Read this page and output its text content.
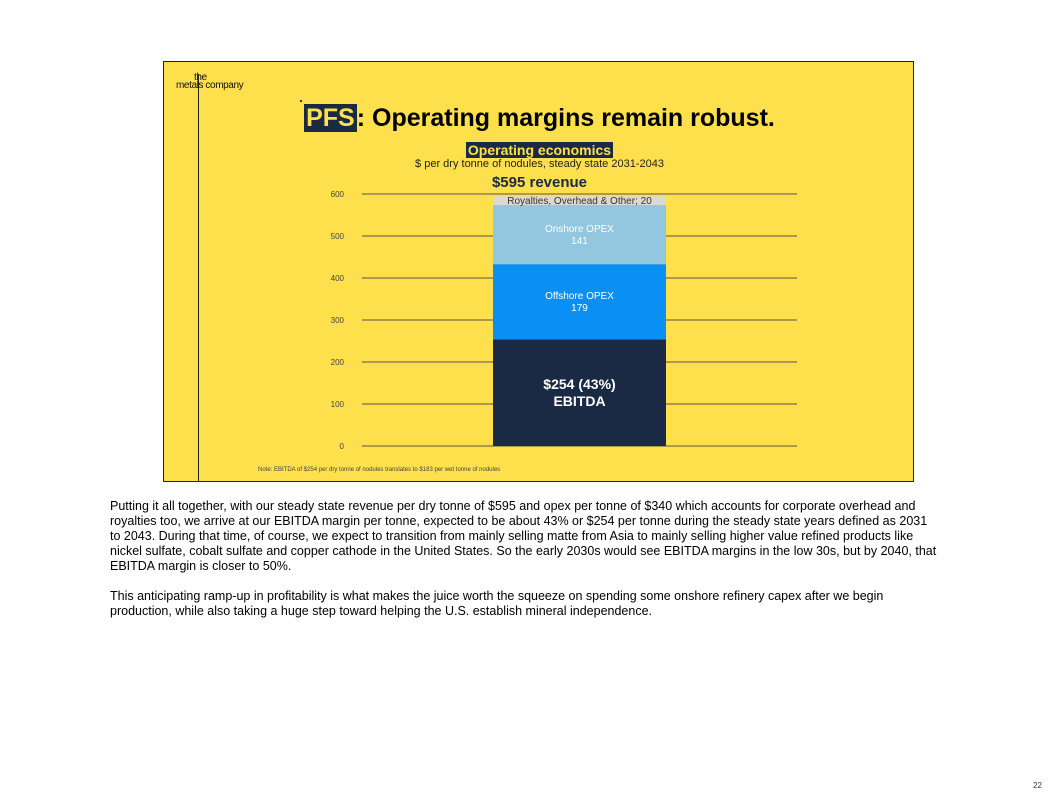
the
metals company
PFS: Operating margins remain robust.
Operating economics
$ per dry tonne of nodules, steady state 2031-2043
$595 revenue
0
100
200
300
400
500
600
$254 (43%) EBITDA
Offshore OPEX 179
Onshore OPEX 141
Royalties, Overhead & Other; 20
Note: EBITDA of $254 per dry tonne of nodules translates to $183 per wet tonne of nodules

Putting it all together, with our steady state revenue per dry tonne of $595 and opex per tonne of $340 which accounts for corporate overhead and royalties too, we arrive at our EBITDA margin per tonne, expected to be about 43% or $254 per tonne during the steady state years defined as 2031 to 2043. During that time, of course, we expect to transition from mainly selling matte from Asia to mainly selling higher value refined products like nickel sulfate, cobalt sulfate and copper cathode in the United States. So the early 2030s would see EBITDA margins in the low 30s, but by 2040, that EBITDA margin is closer to 50%.

This anticipating ramp-up in profitability is what makes the juice worth the squeeze on spending some onshore refinery capex after we begin production, while also taking a huge step toward helping the U.S. establish mineral independence.

22
